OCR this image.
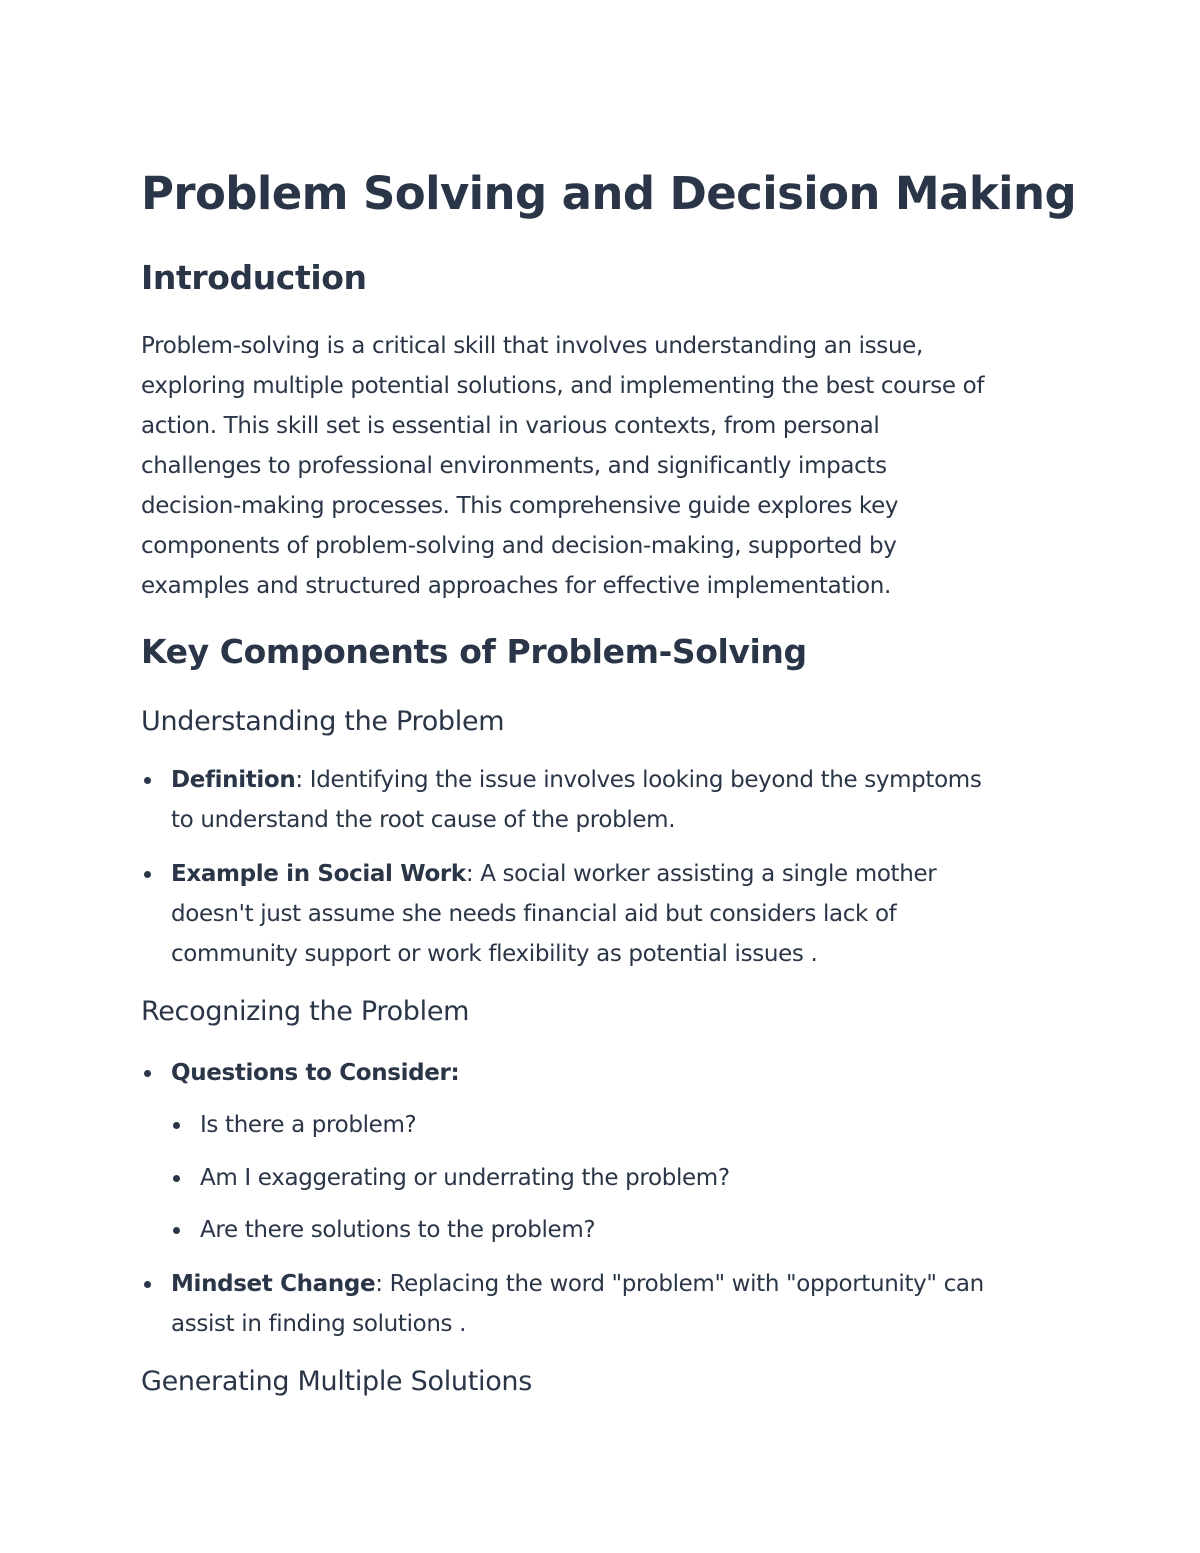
Problem Solving and Decision Making
Introduction
Problem-solving is a critical skill that involves understanding an issue,
exploring multiple potential solutions, and implementing the best course of
action. This skill set is essential in various contexts, from personal
challenges to professional environments, and significantly impacts
decision-making processes. This comprehensive guide explores key
components of problem-solving and decision-making, supported by
examples and structured approaches for effective implementation.
Key Components of Problem-Solving
Understanding the Problem
Definition: Identifying the issue involves looking beyond the symptoms
to understand the root cause of the problem.
Example in Social Work: A social worker assisting a single mother
doesn't just assume she needs financial aid but considers lack of
community support or work flexibility as potential issues .
Recognizing the Problem
Questions to Consider:
Is there a problem?
Am I exaggerating or underrating the problem?
Are there solutions to the problem?
Mindset Change: Replacing the word "problem" with "opportunity" can
assist in finding solutions .
Generating Multiple Solutions
